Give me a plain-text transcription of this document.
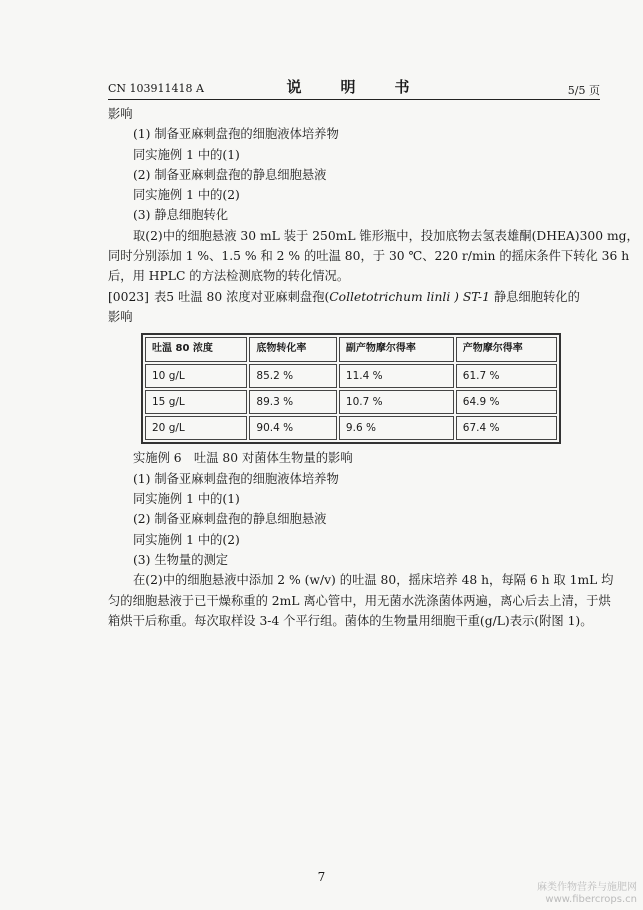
CN 103911418 A	说　明　书	5/5 页
影响
(1) 制备亚麻刺盘孢的细胞液体培养物
同实施例 1 中的(1)
(2) 制备亚麻刺盘孢的静息细胞悬液
同实施例 1 中的(2)
(3) 静息细胞转化
取(2)中的细胞悬液 30 mL 装于 250mL 锥形瓶中，投加底物去氢表雄酮(DHEA)300 mg，
同时分别添加 1 %、1.5 % 和 2 % 的吐温 80，于 30 ℃、220 r/min 的摇床条件下转化 36 h
后，用 HPLC 的方法检测底物的转化情况。
[0023] 表5 吐温 80 浓度对亚麻刺盘孢(Colletotrichum linli ) ST-1 静息细胞转化的
影响
吐温 80 浓度	底物转化率	副产物摩尔得率	产物摩尔得率
10 g/L	85.2 %	11.4 %	61.7 %
15 g/L	89.3 %	10.7 %	64.9 %
20 g/L	90.4 %	9.6 %	67.4 %
实施例 6　吐温 80 对菌体生物量的影响
(1) 制备亚麻刺盘孢的细胞液体培养物
同实施例 1 中的(1)
(2) 制备亚麻刺盘孢的静息细胞悬液
同实施例 1 中的(2)
(3) 生物量的测定
在(2)中的细胞悬液中添加 2 % (w/v) 的吐温 80，摇床培养 48 h，每隔 6 h 取 1mL 均
匀的细胞悬液于已干燥称重的 2mL 离心管中，用无菌水洗涤菌体两遍，离心后去上清，于烘
箱烘干后称重。每次取样设 3-4 个平行组。菌体的生物量用细胞干重(g/L)表示(附图 1)。
7
麻类作物营养与施肥网
www.fibercrops.cn
